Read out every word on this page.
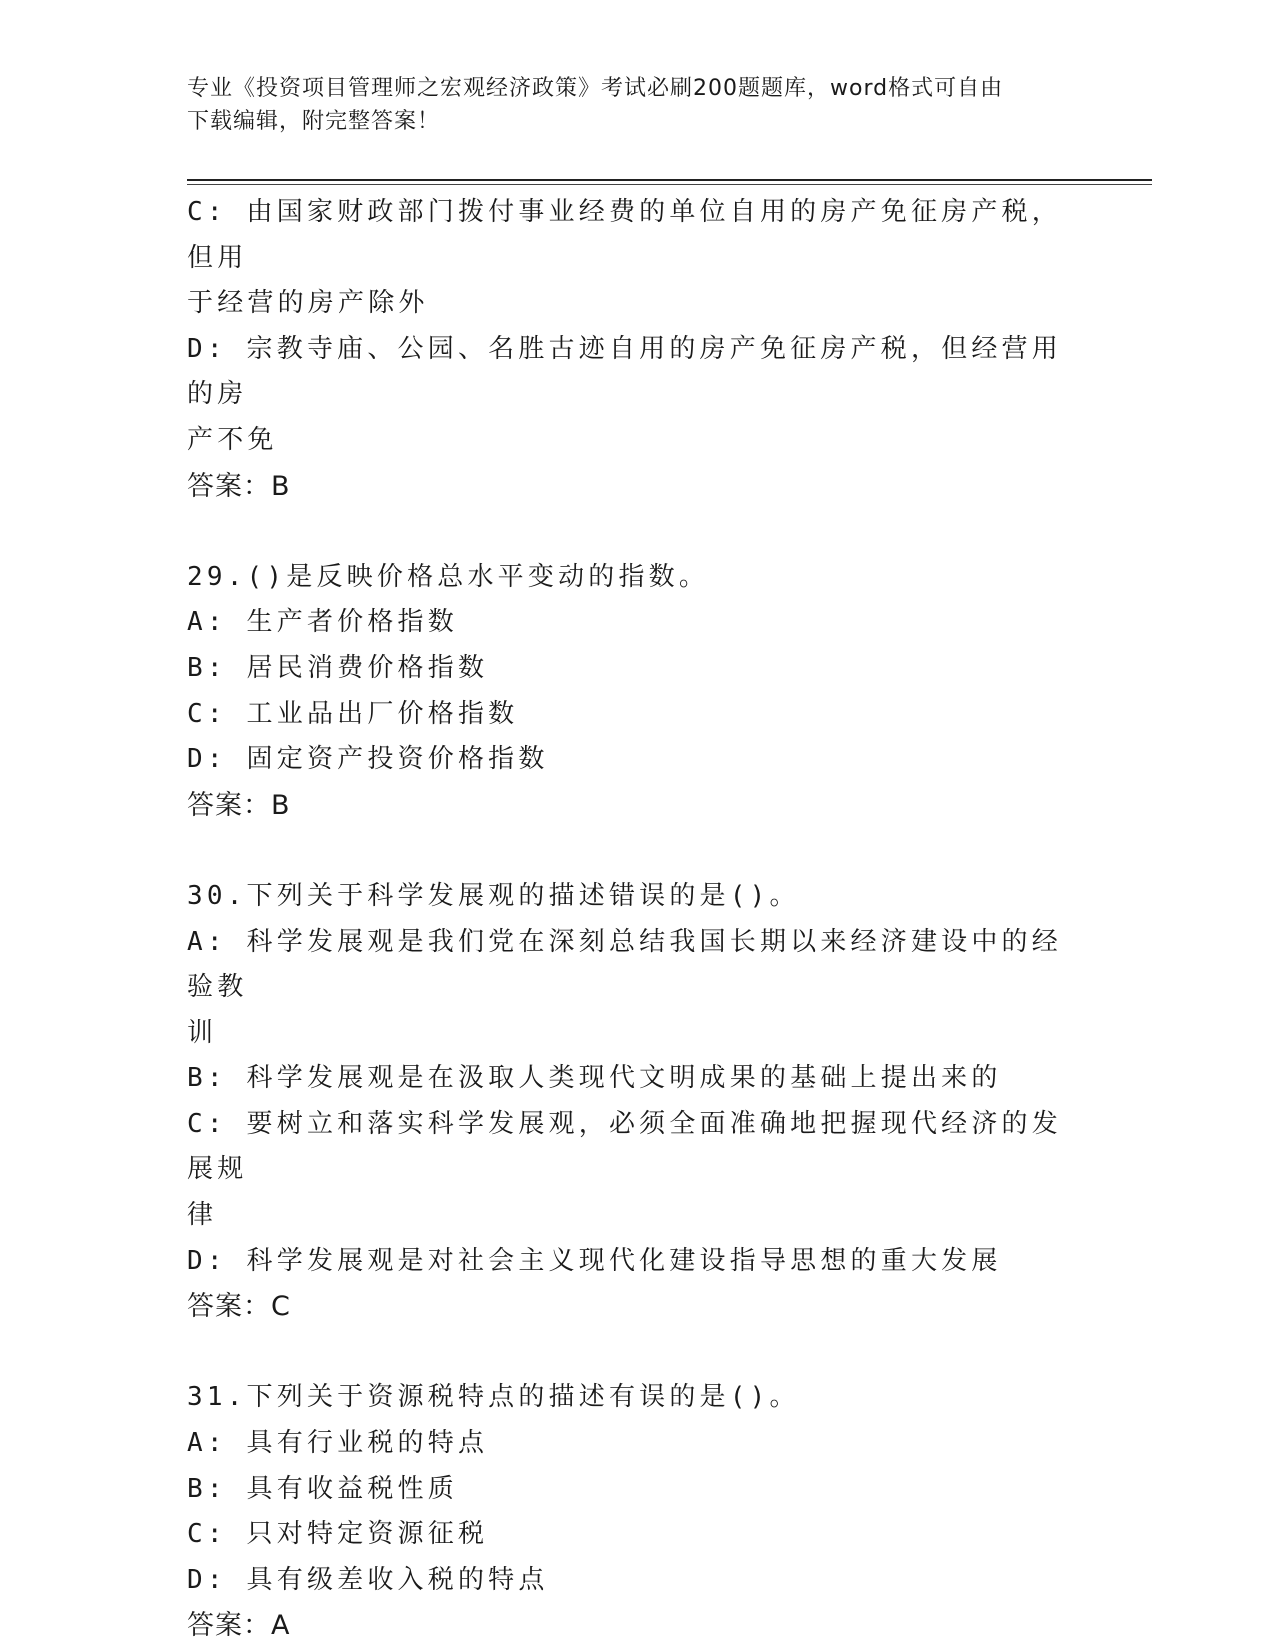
专业《投资项目管理师之宏观经济政策》考试必刷200题题库，word格式可自由
下载编辑，附完整答案！

C: 由国家财政部门拨付事业经费的单位自用的房产免征房产税，但用

于经营的房产除外

D: 宗教寺庙、公园、名胜古迹自用的房产免征房产税，但经营用的房

产不免

答案：B

29.()是反映价格总水平变动的指数。

A: 生产者价格指数

B: 居民消费价格指数

C: 工业品出厂价格指数

D: 固定资产投资价格指数

答案：B

30.下列关于科学发展观的描述错误的是()。

A: 科学发展观是我们党在深刻总结我国长期以来经济建设中的经验教

训

B: 科学发展观是在汲取人类现代文明成果的基础上提出来的

C: 要树立和落实科学发展观，必须全面准确地把握现代经济的发展规

律

D: 科学发展观是对社会主义现代化建设指导思想的重大发展

答案：C

31.下列关于资源税特点的描述有误的是()。

A: 具有行业税的特点

B: 具有收益税性质

C: 只对特定资源征税

D: 具有级差收入税的特点

答案：A
